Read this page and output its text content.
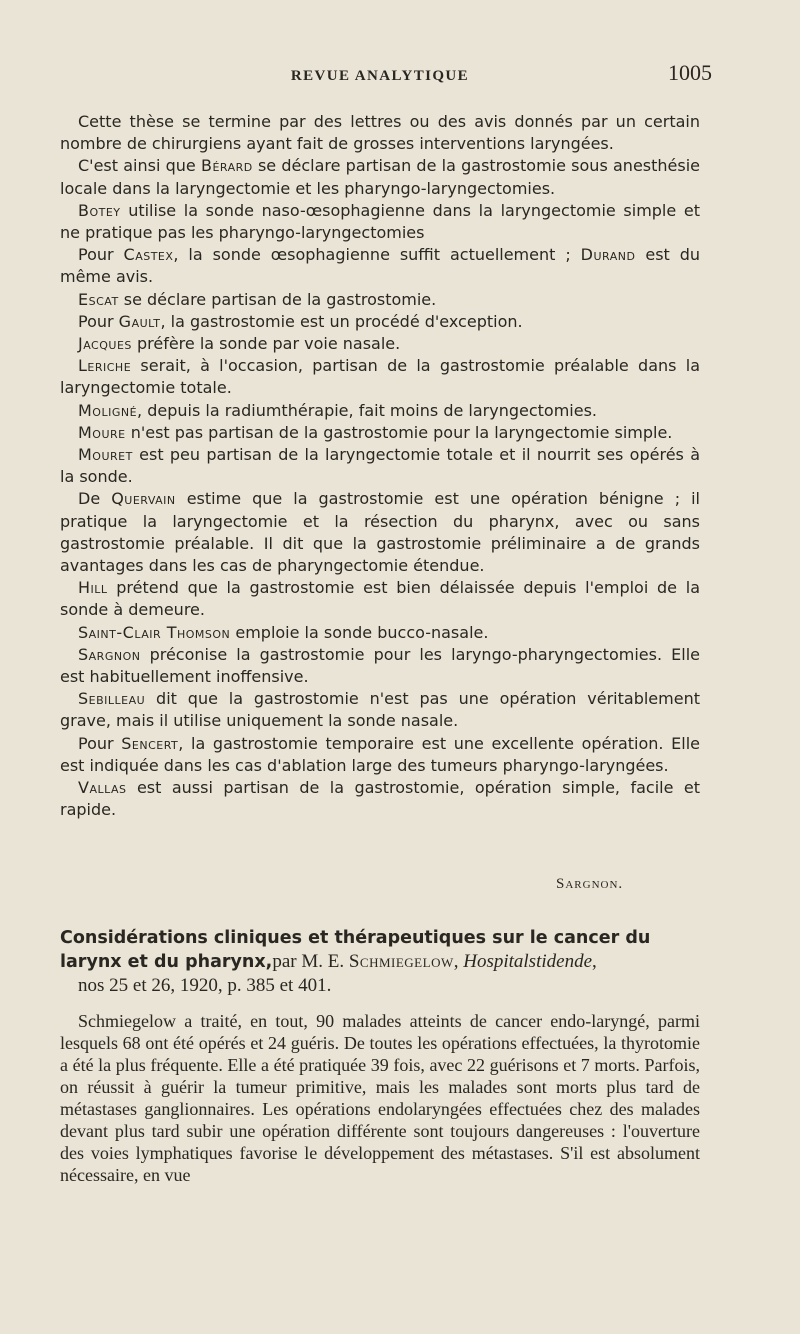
REVUE ANALYTIQUE	1005

Cette thèse se termine par des lettres ou des avis donnés par un certain nombre de chirurgiens ayant fait de grosses interventions laryngées.

C'est ainsi que Bérard se déclare partisan de la gastrostomie sous anesthésie locale dans la laryngectomie et les pharyngo-laryngectomies.

Botey utilise la sonde naso-œsophagienne dans la laryngectomie simple et ne pratique pas les pharyngo-laryngectomies

Pour Castex, la sonde œsophagienne suffit actuellement ; Durand est du même avis.

Escat se déclare partisan de la gastrostomie.

Pour Gault, la gastrostomie est un procédé d'exception.

Jacques préfère la sonde par voie nasale.

Leriche serait, à l'occasion, partisan de la gastrostomie préalable dans la laryngectomie totale.

Moligné, depuis la radiumthérapie, fait moins de laryngectomies.

Moure n'est pas partisan de la gastrostomie pour la laryngectomie simple.

Mouret est peu partisan de la laryngectomie totale et il nourrit ses opérés à la sonde.

De Quervain estime que la gastrostomie est une opération bénigne ; il pratique la laryngectomie et la résection du pharynx, avec ou sans gastrostomie préalable. Il dit que la gastrostomie préliminaire a de grands avantages dans les cas de pharyngectomie étendue.

Hill prétend que la gastrostomie est bien délaissée depuis l'emploi de la sonde à demeure.

Saint-Clair Thomson emploie la sonde bucco-nasale.

Sargnon préconise la gastrostomie pour les laryngo-pharyngectomies. Elle est habituellement inoffensive.

Sebilleau dit que la gastrostomie n'est pas une opération véritablement grave, mais il utilise uniquement la sonde nasale.

Pour Sencert, la gastrostomie temporaire est une excellente opération. Elle est indiquée dans les cas d'ablation large des tumeurs pharyngo-laryngées.

Vallas est aussi partisan de la gastrostomie, opération simple, facile et rapide.

Sargnon.
Considérations cliniques et thérapeutiques sur le cancer du larynx et du pharynx,par M. E. Schmiegelow, Hospitalstidende,
nos 25 et 26, 1920, p. 385 et 401.

Schmiegelow a traité, en tout, 90 malades atteints de cancer endo-laryngé, parmi lesquels 68 ont été opérés et 24 guéris. De toutes les opérations effectuées, la thyrotomie a été la plus fréquente. Elle a été pratiquée 39 fois, avec 22 guérisons et 7 morts. Parfois, on réussit à guérir la tumeur primitive, mais les malades sont morts plus tard de métastases ganglionnaires. Les opérations endolaryngées effectuées chez des malades devant plus tard subir une opération différente sont toujours dangereuses : l'ouverture des voies lymphatiques favorise le développement des métastases. S'il est absolument nécessaire, en vue
